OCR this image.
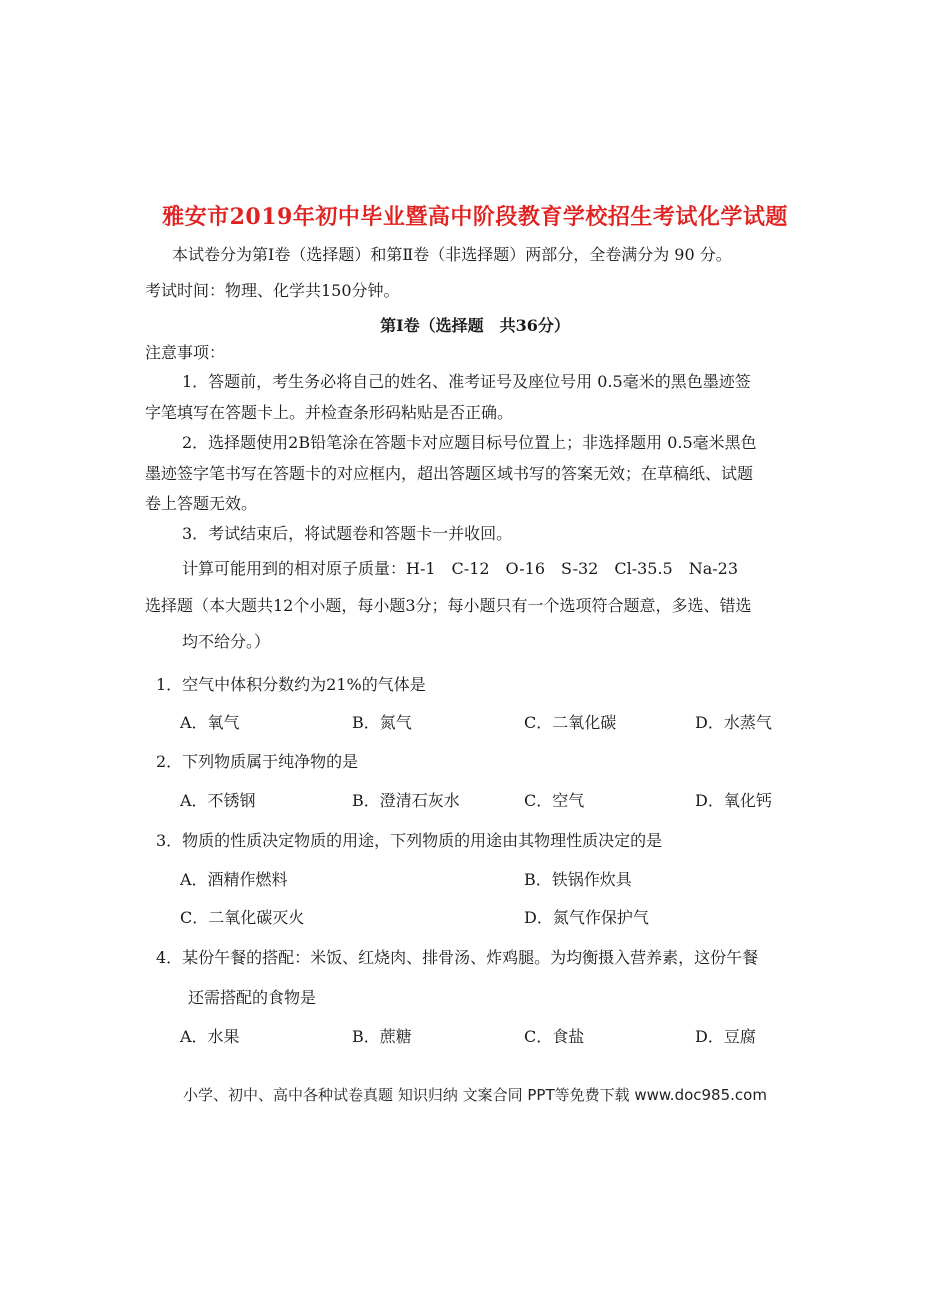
雅安市2019年初中毕业暨高中阶段教育学校招生考试化学试题
本试卷分为第Ⅰ卷（选择题）和第Ⅱ卷（非选择题）两部分，全卷满分为 90 分。
考试时间：物理、化学共150分钟。
第Ⅰ卷（选择题　共36分）
注意事项：
1．答题前，考生务必将自己的姓名、准考证号及座位号用 0.5毫米的黑色墨迹签
字笔填写在答题卡上。并检查条形码粘贴是否正确。
2．选择题使用2B铅笔涂在答题卡对应题目标号位置上；非选择题用 0.5毫米黑色
墨迹签字笔书写在答题卡的对应框内，超出答题区域书写的答案无效；在草稿纸、试题
卷上答题无效。
3．考试结束后，将试题卷和答题卡一并收回。
计算可能用到的相对原子质量：H-1　C-12　O-16　S-32　Cl-35.5　Na-23
选择题（本大题共12个小题，每小题3分；每小题只有一个选项符合题意，多选、错选
均不给分。）
1．空气中体积分数约为21%的气体是
A．氧气	B．氮气	C．二氧化碳	D．水蒸气
2．下列物质属于纯净物的是
A．不锈钢	B．澄清石灰水	C．空气	D．氧化钙
3．物质的性质决定物质的用途，下列物质的用途由其物理性质决定的是
A．酒精作燃料	B．铁锅作炊具
C．二氧化碳灭火	D．氮气作保护气
4．某份午餐的搭配：米饭、红烧肉、排骨汤、炸鸡腿。为均衡摄入营养素，这份午餐
还需搭配的食物是
A．水果	B．蔗糖	C．食盐	D．豆腐
小学、初中、高中各种试卷真题 知识归纳 文案合同 PPT等免费下载 www.doc985.com
